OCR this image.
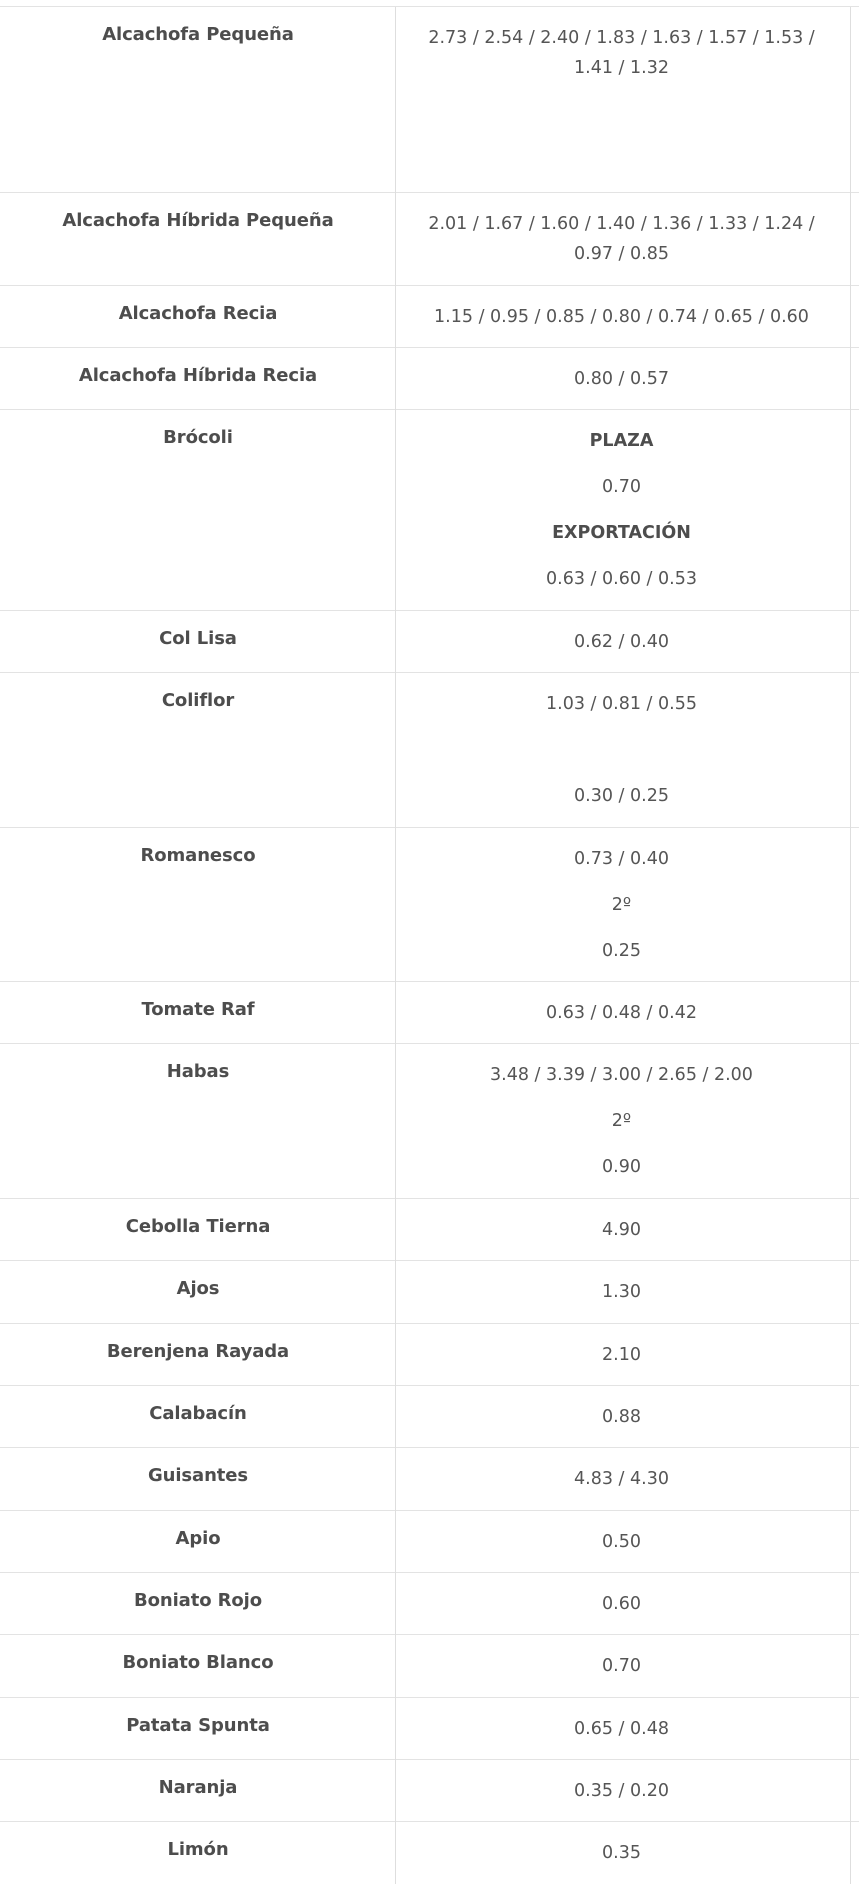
Alcachofa Pequeña	2.73 / 2.54 / 2.40 / 1.83 / 1.63 / 1.57 / 1.53 / 1.41 / 1.32
Alcachofa Híbrida Pequeña	2.01 / 1.67 / 1.60 / 1.40 / 1.36 / 1.33 / 1.24 / 0.97 / 0.85
Alcachofa Recia	1.15 / 0.95 / 0.85 / 0.80 / 0.74 / 0.65 / 0.60
Alcachofa Híbrida Recia	0.80 / 0.57
Brócoli	PLAZA
0.70
EXPORTACIÓN
0.63 / 0.60 / 0.53
Col Lisa	0.62 / 0.40
Coliflor	1.03 / 0.81 / 0.55
0.30 / 0.25
Romanesco	0.73 / 0.40
2º
0.25
Tomate Raf	0.63 / 0.48 / 0.42
Habas	3.48 / 3.39 / 3.00 / 2.65 / 2.00
2º
0.90
Cebolla Tierna	4.90
Ajos	1.30
Berenjena Rayada	2.10
Calabacín	0.88
Guisantes	4.83 / 4.30
Apio	0.50
Boniato Rojo	0.60
Boniato Blanco	0.70
Patata Spunta	0.65 / 0.48
Naranja	0.35 / 0.20
Limón	0.35
